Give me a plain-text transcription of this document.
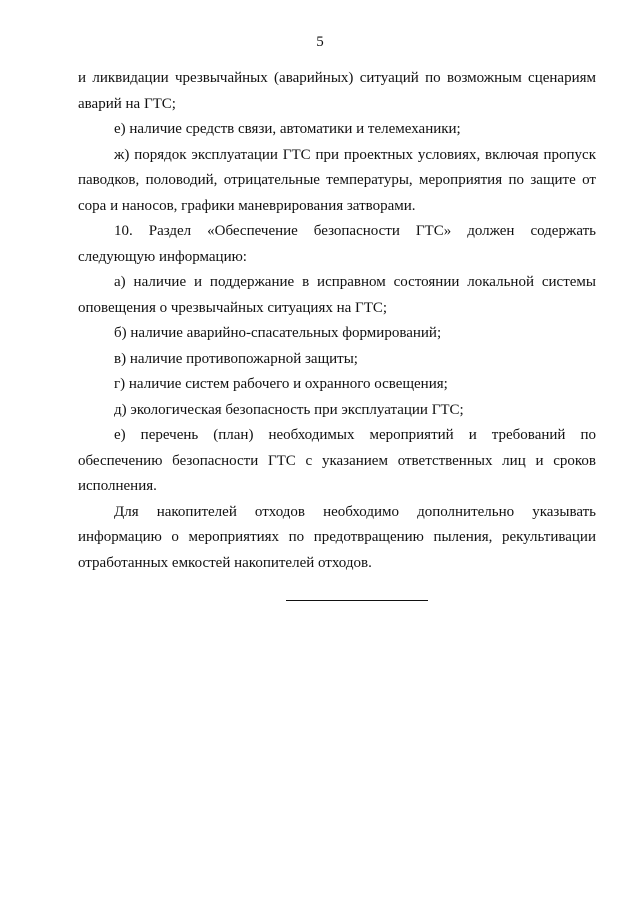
5

и ликвидации чрезвычайных (аварийных) ситуаций по возможным сценариям аварий на ГТС;

е) наличие средств связи, автоматики и телемеханики;

ж) порядок эксплуатации ГТС при проектных условиях, включая пропуск паводков, половодий, отрицательные температуры, мероприятия по защите от сора и наносов, графики маневрирования затворами.

10. Раздел «Обеспечение безопасности ГТС» должен содержать следующую информацию:

а) наличие и поддержание в исправном состоянии локальной системы оповещения о чрезвычайных ситуациях на ГТС;

б) наличие аварийно-спасательных формирований;

в) наличие противопожарной защиты;

г) наличие систем рабочего и охранного освещения;

д) экологическая безопасность при эксплуатации ГТС;

е) перечень (план) необходимых мероприятий и требований по обеспечению безопасности ГТС с указанием ответственных лиц и сроков исполнения.

Для накопителей отходов необходимо дополнительно указывать информацию о мероприятиях по предотвращению пыления, рекультивации отработанных емкостей накопителей отходов.
